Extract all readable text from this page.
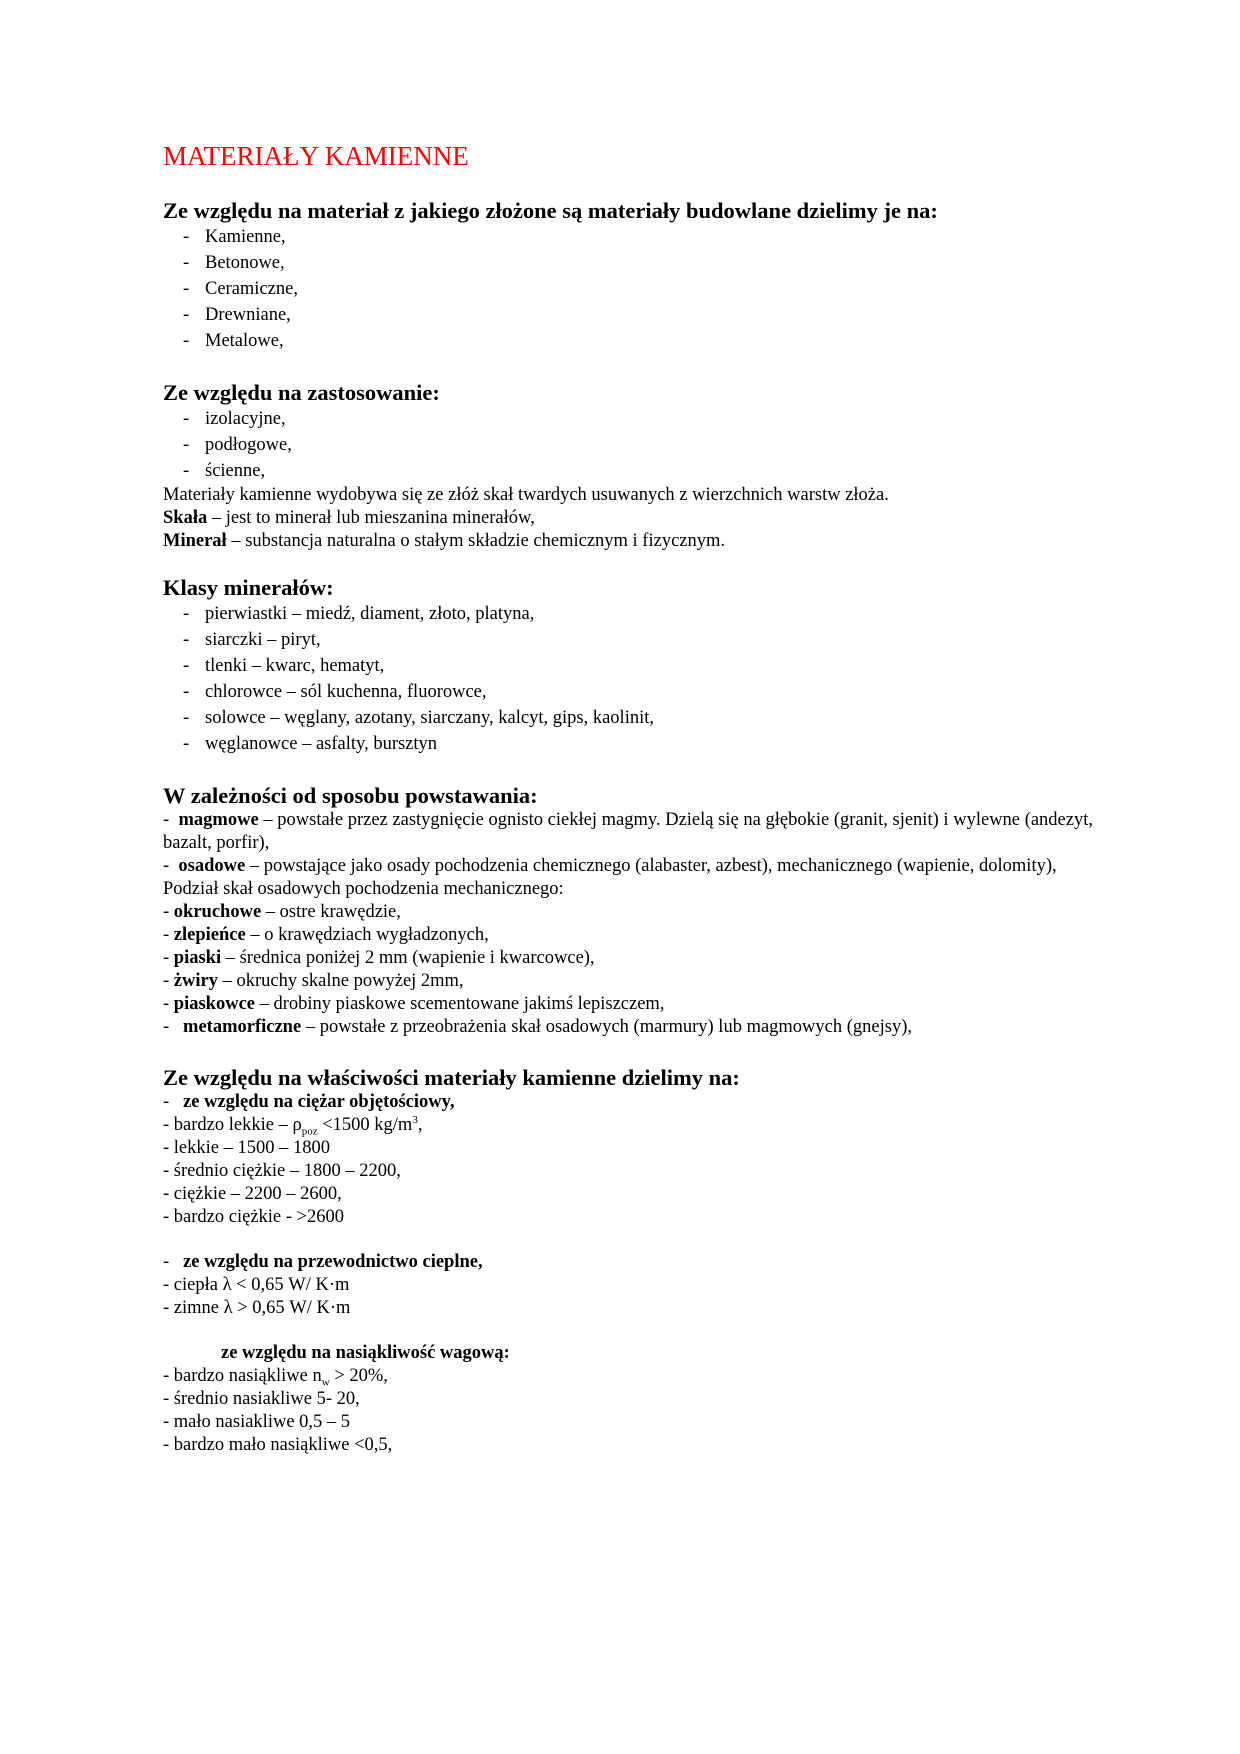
MATERIAŁY KAMIENNE
Ze względu na materiał z jakiego złożone są materiały budowlane dzielimy je na:
- Kamienne,
- Betonowe,
- Ceramiczne,
- Drewniane,
- Metalowe,
Ze względu na zastosowanie:
- izolacyjne,
- podłogowe,
- ścienne,
Materiały kamienne wydobywa się ze złóż skał twardych usuwanych z wierzchnich warstw złoża.
Skała – jest to minerał lub mieszanina minerałów,
Minerał – substancja naturalna o stałym składzie chemicznym i fizycznym.
Klasy minerałów:
- pierwiastki – miedź, diament, złoto, platyna,
- siarczki – piryt,
- tlenki – kwarc, hematyt,
- chlorowce – sól kuchenna, fluorowce,
- solowce – węglany, azotany, siarczany, kalcyt, gips, kaolinit,
- węglanowce – asfalty, bursztyn
W zależności od sposobu powstawania:
-  magmowe – powstałe przez zastygnięcie ognisto ciekłej magmy. Dzielą się na głębokie (granit, sjenit) i wylewne (andezyt, bazalt, porfir),
-  osadowe – powstające jako osady pochodzenia chemicznego (alabaster, azbest), mechanicznego (wapienie, dolomity),
Podział skał osadowych pochodzenia mechanicznego:
- okruchowe – ostre krawędzie,
- zlepieńce – o krawędziach wygładzonych,
- piaski – średnica poniżej 2 mm (wapienie i kwarcowce),
- żwiry – okruchy skalne powyżej 2mm,
- piaskowce – drobiny piaskowe scementowane jakimś lepiszczem,
-   metamorficzne – powstałe z przeobrażenia skał osadowych (marmury) lub magmowych (gnejsy),
Ze względu na właściwości materiały kamienne dzielimy na:
-   ze względu na ciężar objętościowy,
- bardzo lekkie – $\rho_{poz} <1500$ $kg/m^3$,
- lekkie – 1500 – 1800
- średnio ciężkie – 1800 – 2200,
- ciężkie – 2200 – 2600,
- bardzo ciężkie - >2600
-   ze względu na przewodnictwo cieplne,
- ciepła λ < 0,65 W/ K·m
- zimne λ > 0,65 W/ K·m
ze względu na nasiąkliwość wagową:
- bardzo nasiąkliwe $n_w > 20\%$,
- średnio nasiakliwe 5- 20,
- mało nasiakliwe 0,5 – 5
- bardzo mało nasiąkliwe <0,5,
